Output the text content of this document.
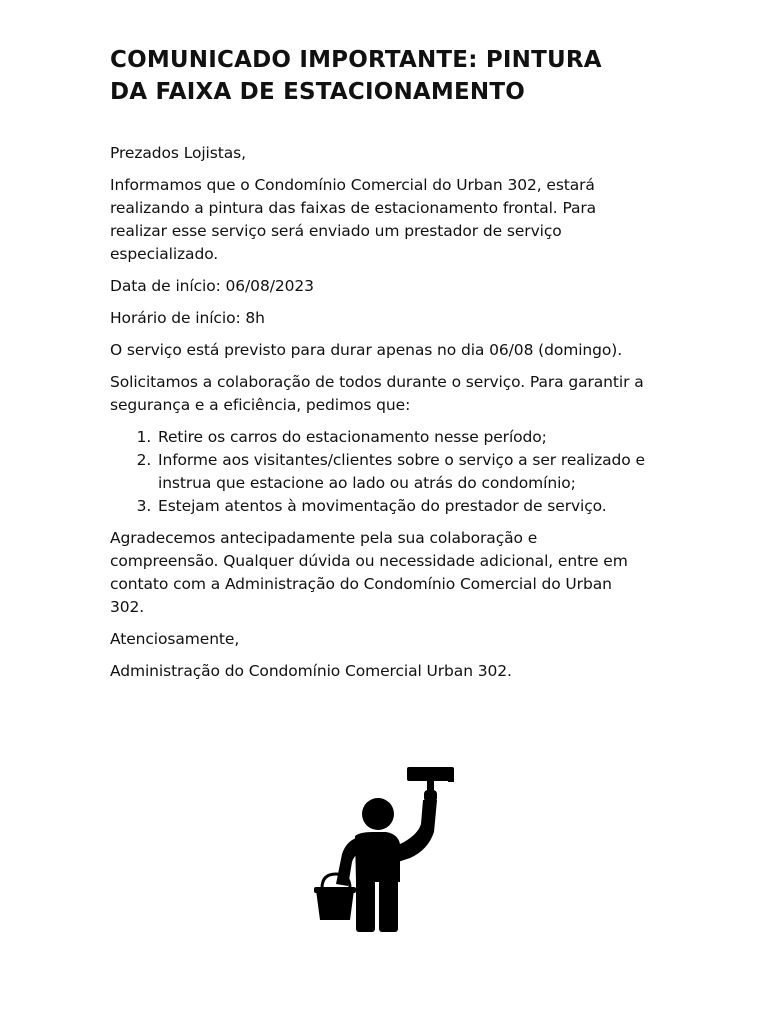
COMUNICADO IMPORTANTE: PINTURA DA FAIXA DE ESTACIONAMENTO

Prezados Lojistas,

Informamos que o Condomínio Comercial do Urban 302, estará realizando a pintura das faixas de estacionamento frontal. Para realizar esse serviço será enviado um prestador de serviço especializado.

Data de início: 06/08/2023

Horário de início: 8h

O serviço está previsto para durar apenas no dia 06/08 (domingo).

Solicitamos a colaboração de todos durante o serviço. Para garantir a segurança e a eficiência, pedimos que:

1. Retire os carros do estacionamento nesse período;
2. Informe aos visitantes/clientes sobre o serviço a ser realizado e instrua que estacione ao lado ou atrás do condomínio;
3. Estejam atentos à movimentação do prestador de serviço.

Agradecemos antecipadamente pela sua colaboração e compreensão. Qualquer dúvida ou necessidade adicional, entre em contato com a Administração do Condomínio Comercial do Urban 302.

Atenciosamente,

Administração do Condomínio Comercial Urban 302.
